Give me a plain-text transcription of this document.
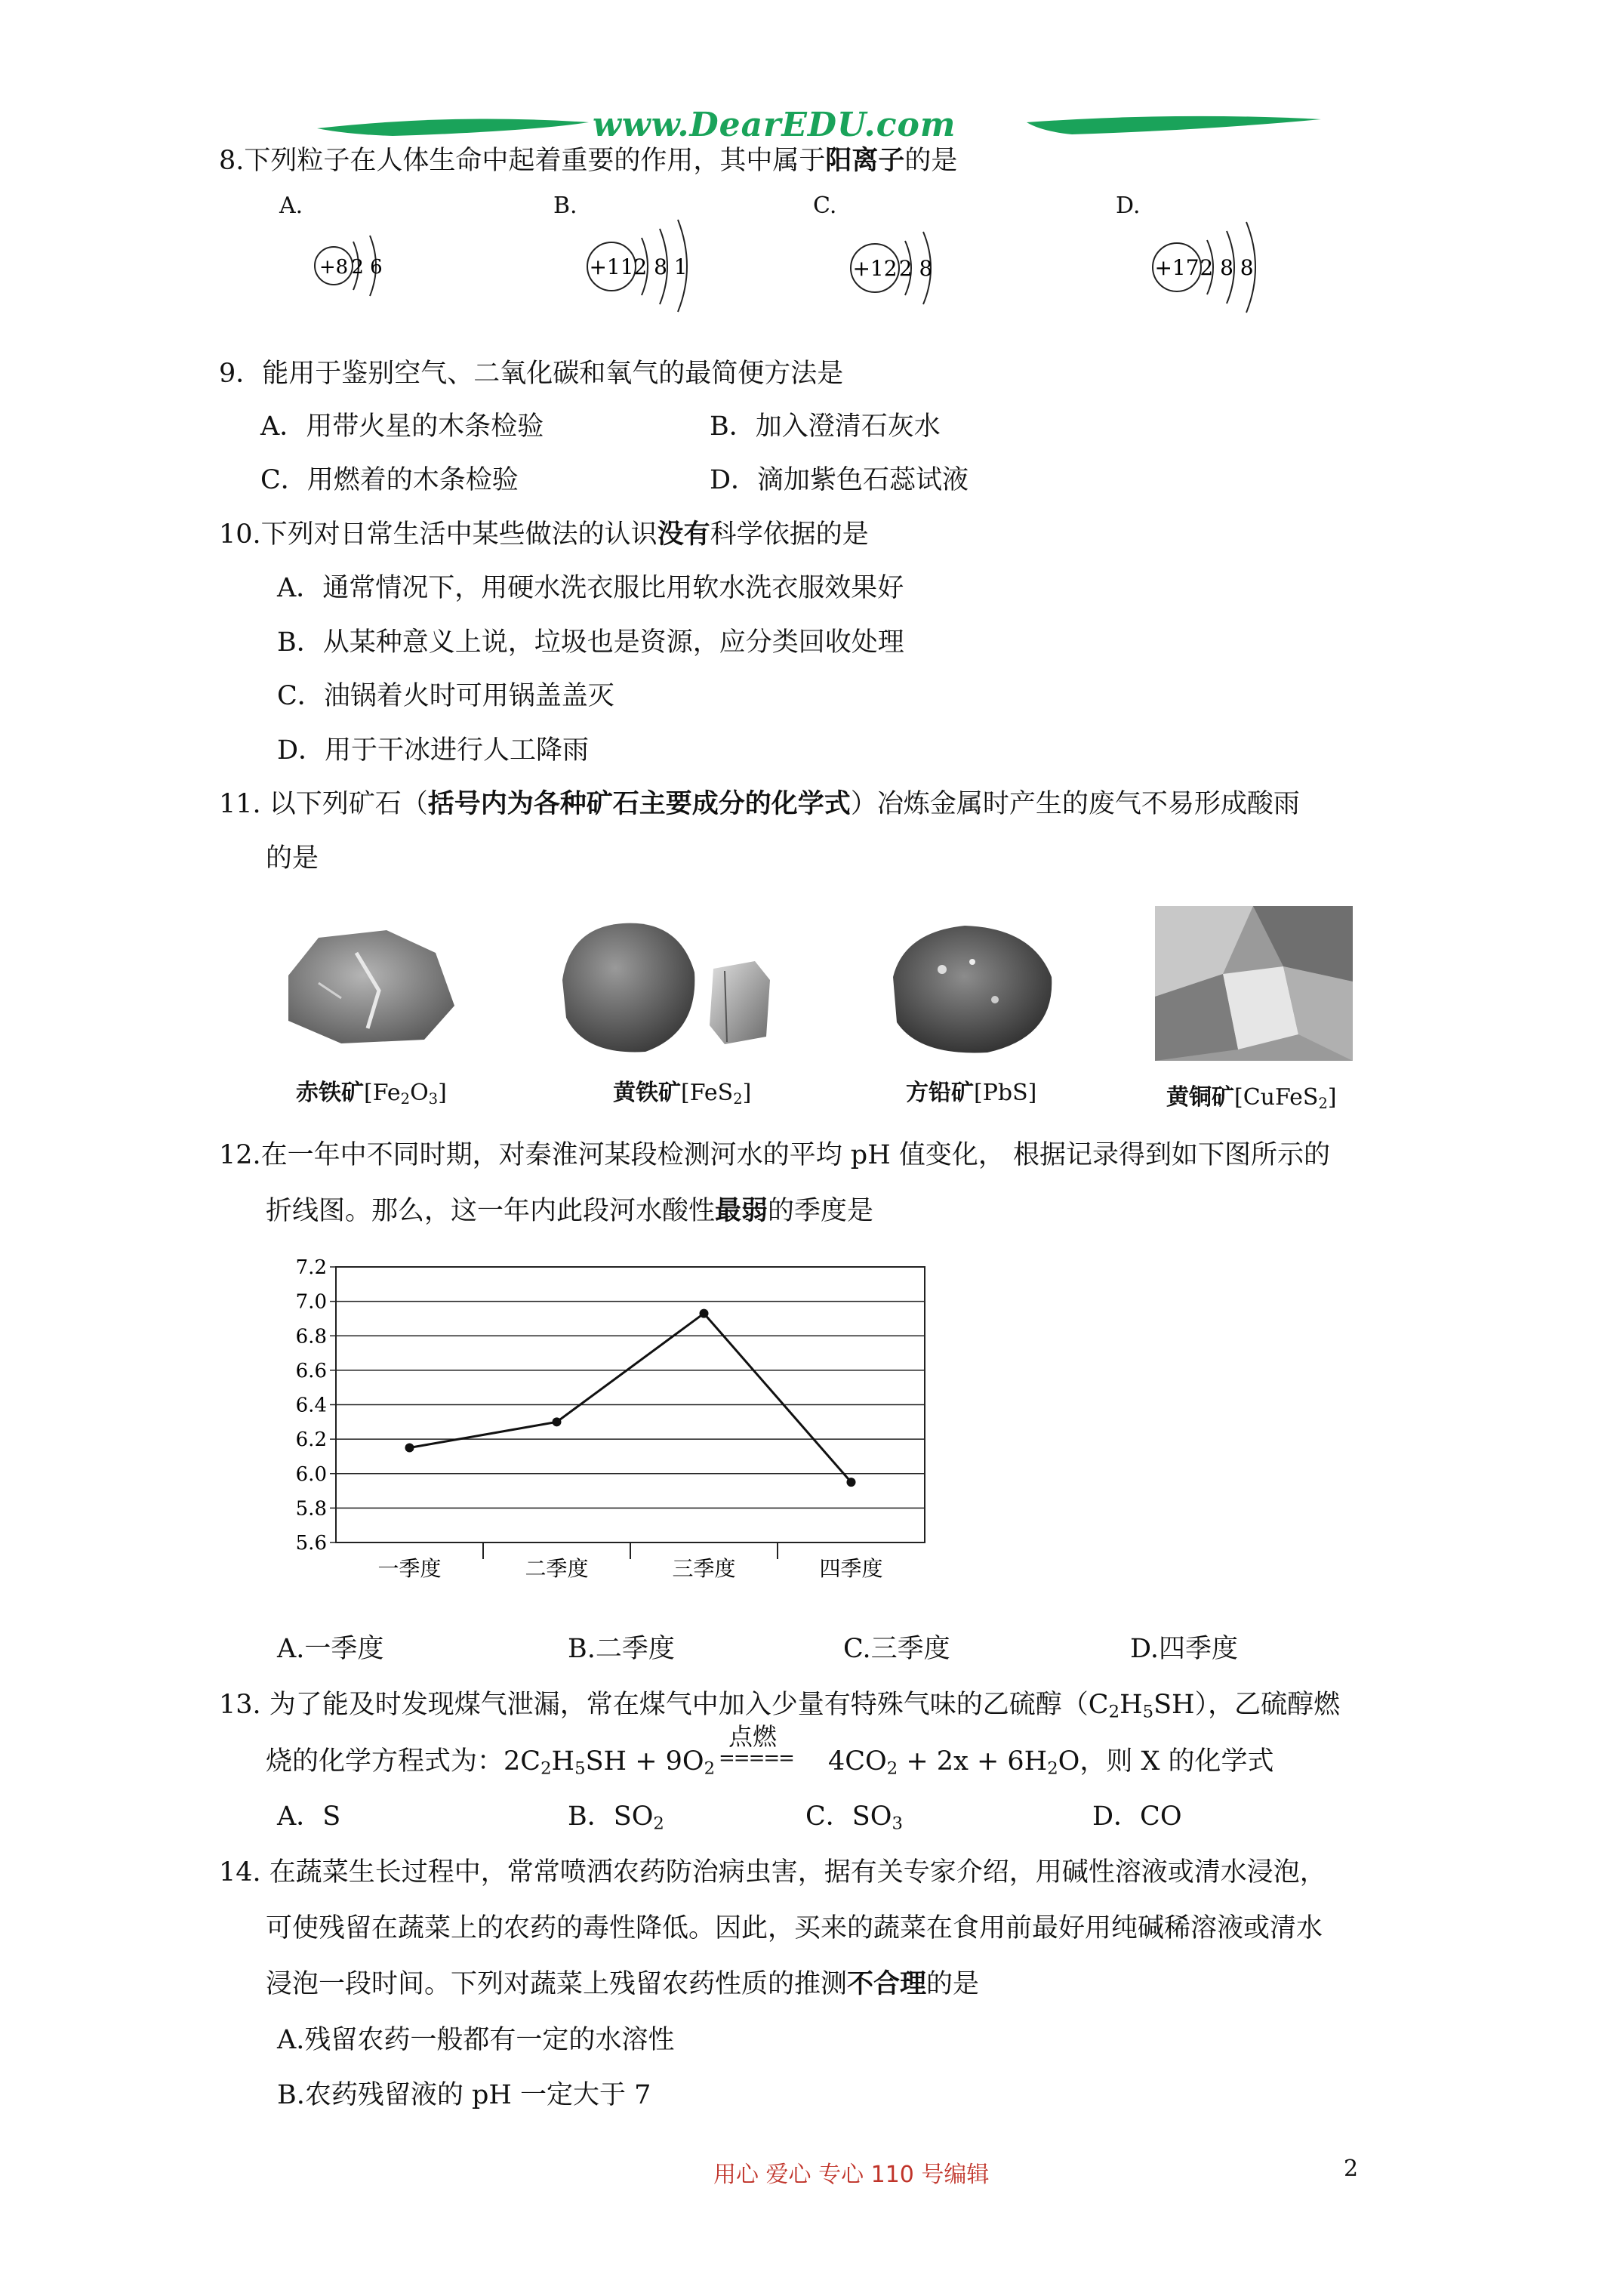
www.DearEDU.com
8.下列粒子在人体生命中起着重要的作用，其中属于阳离子的是
A.	B.	C.	D.
+8 2 6	+11 2 8 1	+12 2 8	+17 2 8 8
9．能用于鉴别空气、二氧化碳和氧气的最简便方法是
A．用带火星的木条检验	B．加入澄清石灰水
C．用燃着的木条检验	D．滴加紫色石蕊试液
10.下列对日常生活中某些做法的认识没有科学依据的是
A．通常情况下，用硬水洗衣服比用软水洗衣服效果好
B．从某种意义上说，垃圾也是资源，应分类回收处理
C．油锅着火时可用锅盖盖灭
D．用于干冰进行人工降雨
11. 以下列矿石（括号内为各种矿石主要成分的化学式）冶炼金属时产生的废气不易形成酸雨
的是
赤铁矿$[Fe_2O_3]$	黄铁矿[FeS$_2$]	方铅矿[PbS]	黄铜矿[CuFeS$_2$]
12.在一年中不同时期，对秦淮河某段检测河水的平均 pH 值变化， 根据记录得到如下图所示的
折线图。那么，这一年内此段河水酸性最弱的季度是
7.2
7.0
6.8
6.6
6.4
6.2
6.0
5.8
5.6
一季度	二季度	三季度	四季度
A.一季度	B.二季度	C.三季度	D.四季度
13. 为了能及时发现煤气泄漏，常在煤气中加入少量有特殊气味的乙硫醇$(C_2H_5SH)$，乙硫醇燃
烧的化学方程式为：$2C_2H_5SH + 9O_2$
点燃
===== $4CO_2 + 2x + 6H_2O$，则 X 的化学式
A．S	B．$SO_2$	C．$SO_3$	D．CO
14. 在蔬菜生长过程中，常常喷洒农药防治病虫害，据有关专家介绍，用碱性溶液或清水浸泡，
可使残留在蔬菜上的农药的毒性降低。因此，买来的蔬菜在食用前最好用纯碱稀溶液或清水
浸泡一段时间。下列对蔬菜上残留农药性质的推测不合理的是
A.残留农药一般都有一定的水溶性
B.农药残留液的 pH 一定大于 7
用心 爱心 专心 110 号编辑	2
